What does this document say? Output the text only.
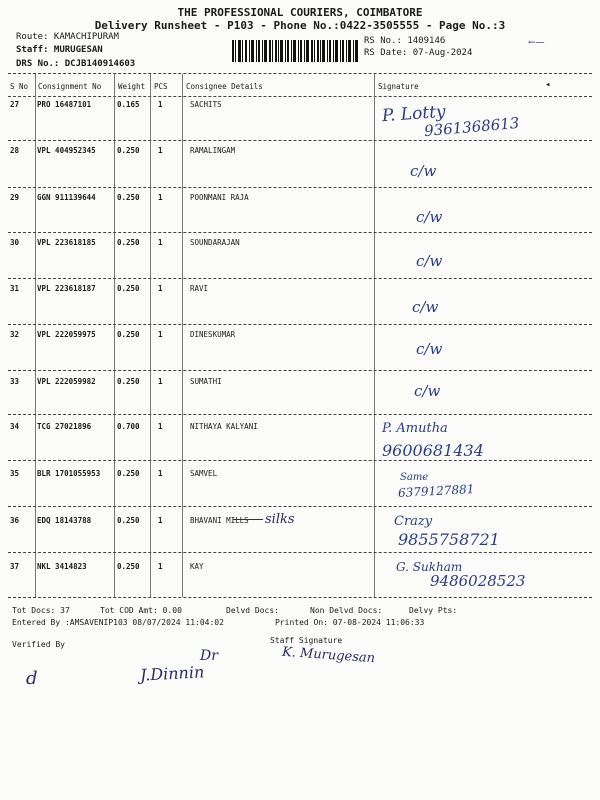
THE PROFESSIONAL COURIERS, COIMBATORE
Delivery Runsheet - P103 - Phone No.:0422-3505555 - Page No.:3
Route: KAMACHIPURAM
Staff: MURUGESAN
DRS No.: DCJB140914603
RS No.: 1409146
RS Date: 07-Aug-2024
←—
S No Consignment No Weight PCS Consignee Details	Signature	◂
27 PRO 16487101	0.165 1	SACHITS	P. Lotty
9361368613
28 VPL 404952345	0.250 1	RAMALINGAM
c/w
29 GGN 911139644	0.250 1	POONMANI RAJA
c/w
30 VPL 223618185	0.250 1	SOUNDARAJAN
c/w
31 VPL 223618187	0.250 1	RAVI
c/w
32 VPL 222059975	0.250 1	DINESKUMAR
c/w
33 VPL 222059982	0.250 1	SUMATHI
c/w
34 TCG 27021896	0.700 1	NITHAYA KALYANI	P. Amutha
9600681434
35 BLR 1701055953 0.250 1	SAMVEL	Same
6379127881
36 EDQ 18143788	0.250 1	BHAVANI MILLS silks	Crazy
9855758721
37 NKL 3414823	0.250 1	KAY	G. Sukham
9486028523
Tot Docs: 37	Tot COD Amt: 0.00	Delvd Docs:	Non Delvd Docs:	Delvy Pts:
Entered By :AMSAVENIP103 08/07/2024 11:04:02	Printed On: 07-08-2024 11:06:33
Verified By	Staff Signature
d
Dr
J.Dinnin
K. Murugesan
